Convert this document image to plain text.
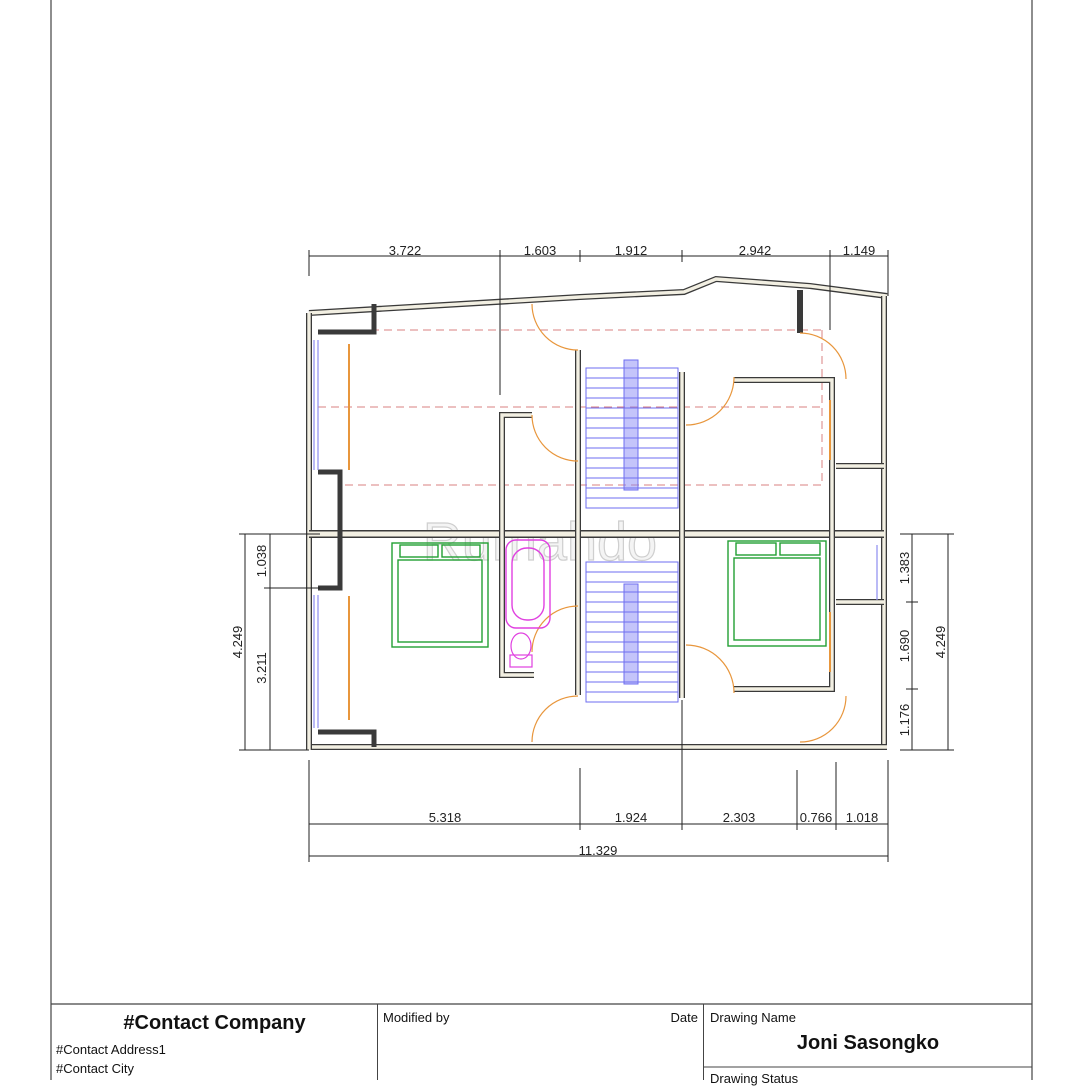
Rumahdo
3.722	1.603	1.912	2.942	1.149
5.318	1.924	2.303	0.766 1.018
11.329
4.249
1.038
3.211
1.383
1.690
1.176
4.249
#Contact Company
#Contact Address1
#Contact City
Modified by	Date Drawing Name
Joni Sasongko
Drawing Status
